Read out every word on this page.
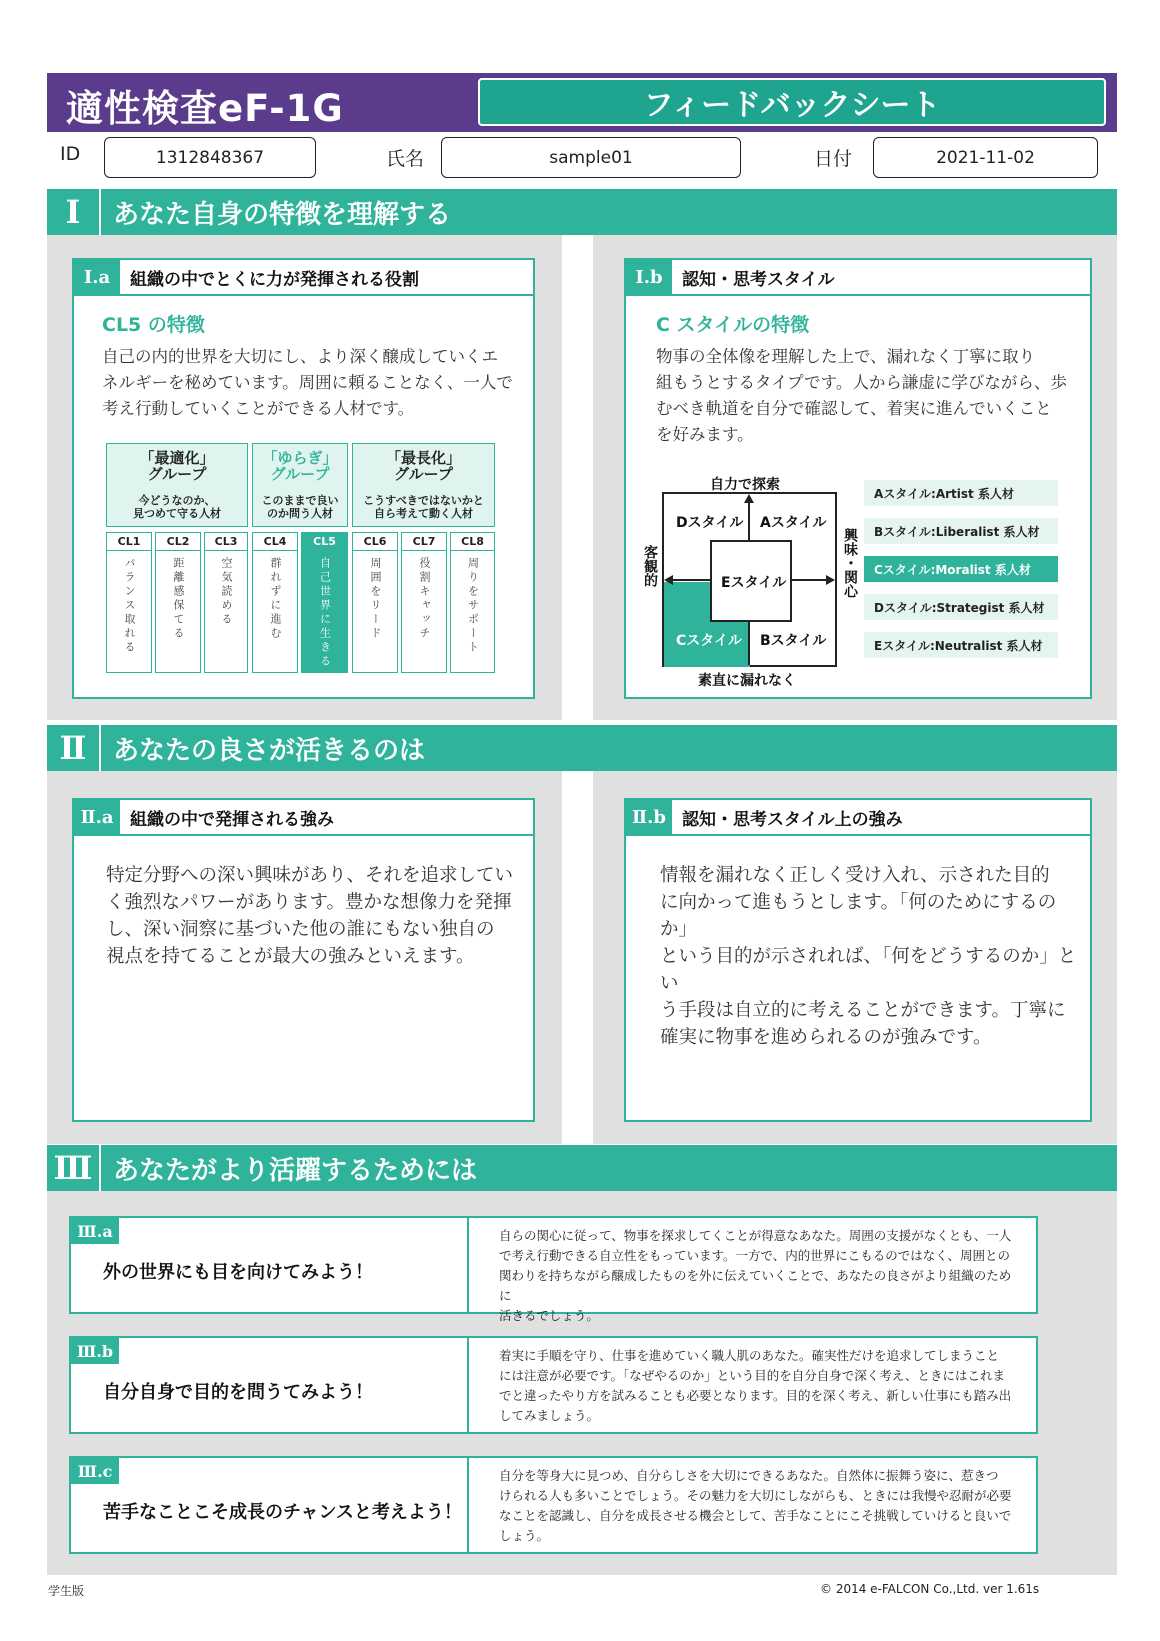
適性検査eF-1G	フィードバックシート
ID	1312848367	氏名	sample01	日付	2021-11-02
Ⅰ	あなた自身の特徴を理解する
Ⅰ.a	組織の中でとくに力が発揮される役割
CL5 の特徴
自己の内的世界を大切にし、より深く醸成していくエ
ネルギーを秘めています。周囲に頼ることなく、一人で
考え行動していくことができる人材です。
「最適化」
グループ
今どうなのか、
見つめて守る人材
「ゆらぎ」
グループ
このままで良い
のか問う人材
「最長化」
グループ
こうすべきではないかと
自ら考えて動く人材
CL1
バランス取れる
CL2
距離感保てる
CL3
空気読める
CL4
群れずに進む
CL5
自己世界に生きる
CL6
周囲をリード
CL7
役割キャッチ
CL8
周りをサポート
Ⅰ.b	認知・思考スタイル
C スタイルの特徴
物事の全体像を理解した上で、漏れなく丁寧に取り
組もうとするタイプです。人から謙虚に学びながら、歩
むべき軌道を自分で確認して、着実に進んでいくこと
を好みます。
Dスタイル Aスタイル
Eスタイル
Cスタイル Bスタイル
自力で探索
素直に漏れなく
客観的	興味・関心
Aスタイル:Artist 系人材
Bスタイル:Liberalist 系人材
Cスタイル:Moralist 系人材
Dスタイル:Strategist 系人材
Eスタイル:Neutralist 系人材
Ⅱ	あなたの良さが活きるのは
Ⅱ.a 組織の中で発揮される強み
特定分野への深い興味があり、それを追求してい
く強烈なパワーがあります。豊かな想像力を発揮
し、深い洞察に基づいた他の誰にもない独自の
視点を持てることが最大の強みといえます。
Ⅱ.b 認知・思考スタイル上の強み
情報を漏れなく正しく受け入れ、示された目的
に向かって進もうとします。「何のためにするのか」
という目的が示されれば、「何をどうするのか」とい
う手段は自立的に考えることができます。丁寧に
確実に物事を進められるのが強みです。
Ⅲ あなたがより活躍するためには
Ⅲ.a
外の世界にも目を向けてみよう！
自らの関心に従って、物事を探求してくことが得意なあなた。周囲の支援がなくとも、一人
で考え行動できる自立性をもっています。一方で、内的世界にこもるのではなく、周囲との
関わりを持ちながら醸成したものを外に伝えていくことで、あなたの良さがより組織のために
活きるでしょう。
Ⅲ.b
自分自身で目的を問うてみよう！
着実に手順を守り、仕事を進めていく職人肌のあなた。確実性だけを追求してしまうこと
には注意が必要です。「なぜやるのか」という目的を自分自身で深く考え、ときにはこれま
でと違ったやり方を試みることも必要となります。目的を深く考え、新しい仕事にも踏み出
してみましょう。
Ⅲ.c
苦手なことこそ成長のチャンスと考えよう！
自分を等身大に見つめ、自分らしさを大切にできるあなた。自然体に振舞う姿に、惹きつ
けられる人も多いことでしょう。その魅力を大切にしながらも、ときには我慢や忍耐が必要
なことを認識し、自分を成長させる機会として、苦手なことにこそ挑戦していけると良いで
しょう。
学生版	© 2014 e-FALCON Co.,Ltd. ver 1.61s
